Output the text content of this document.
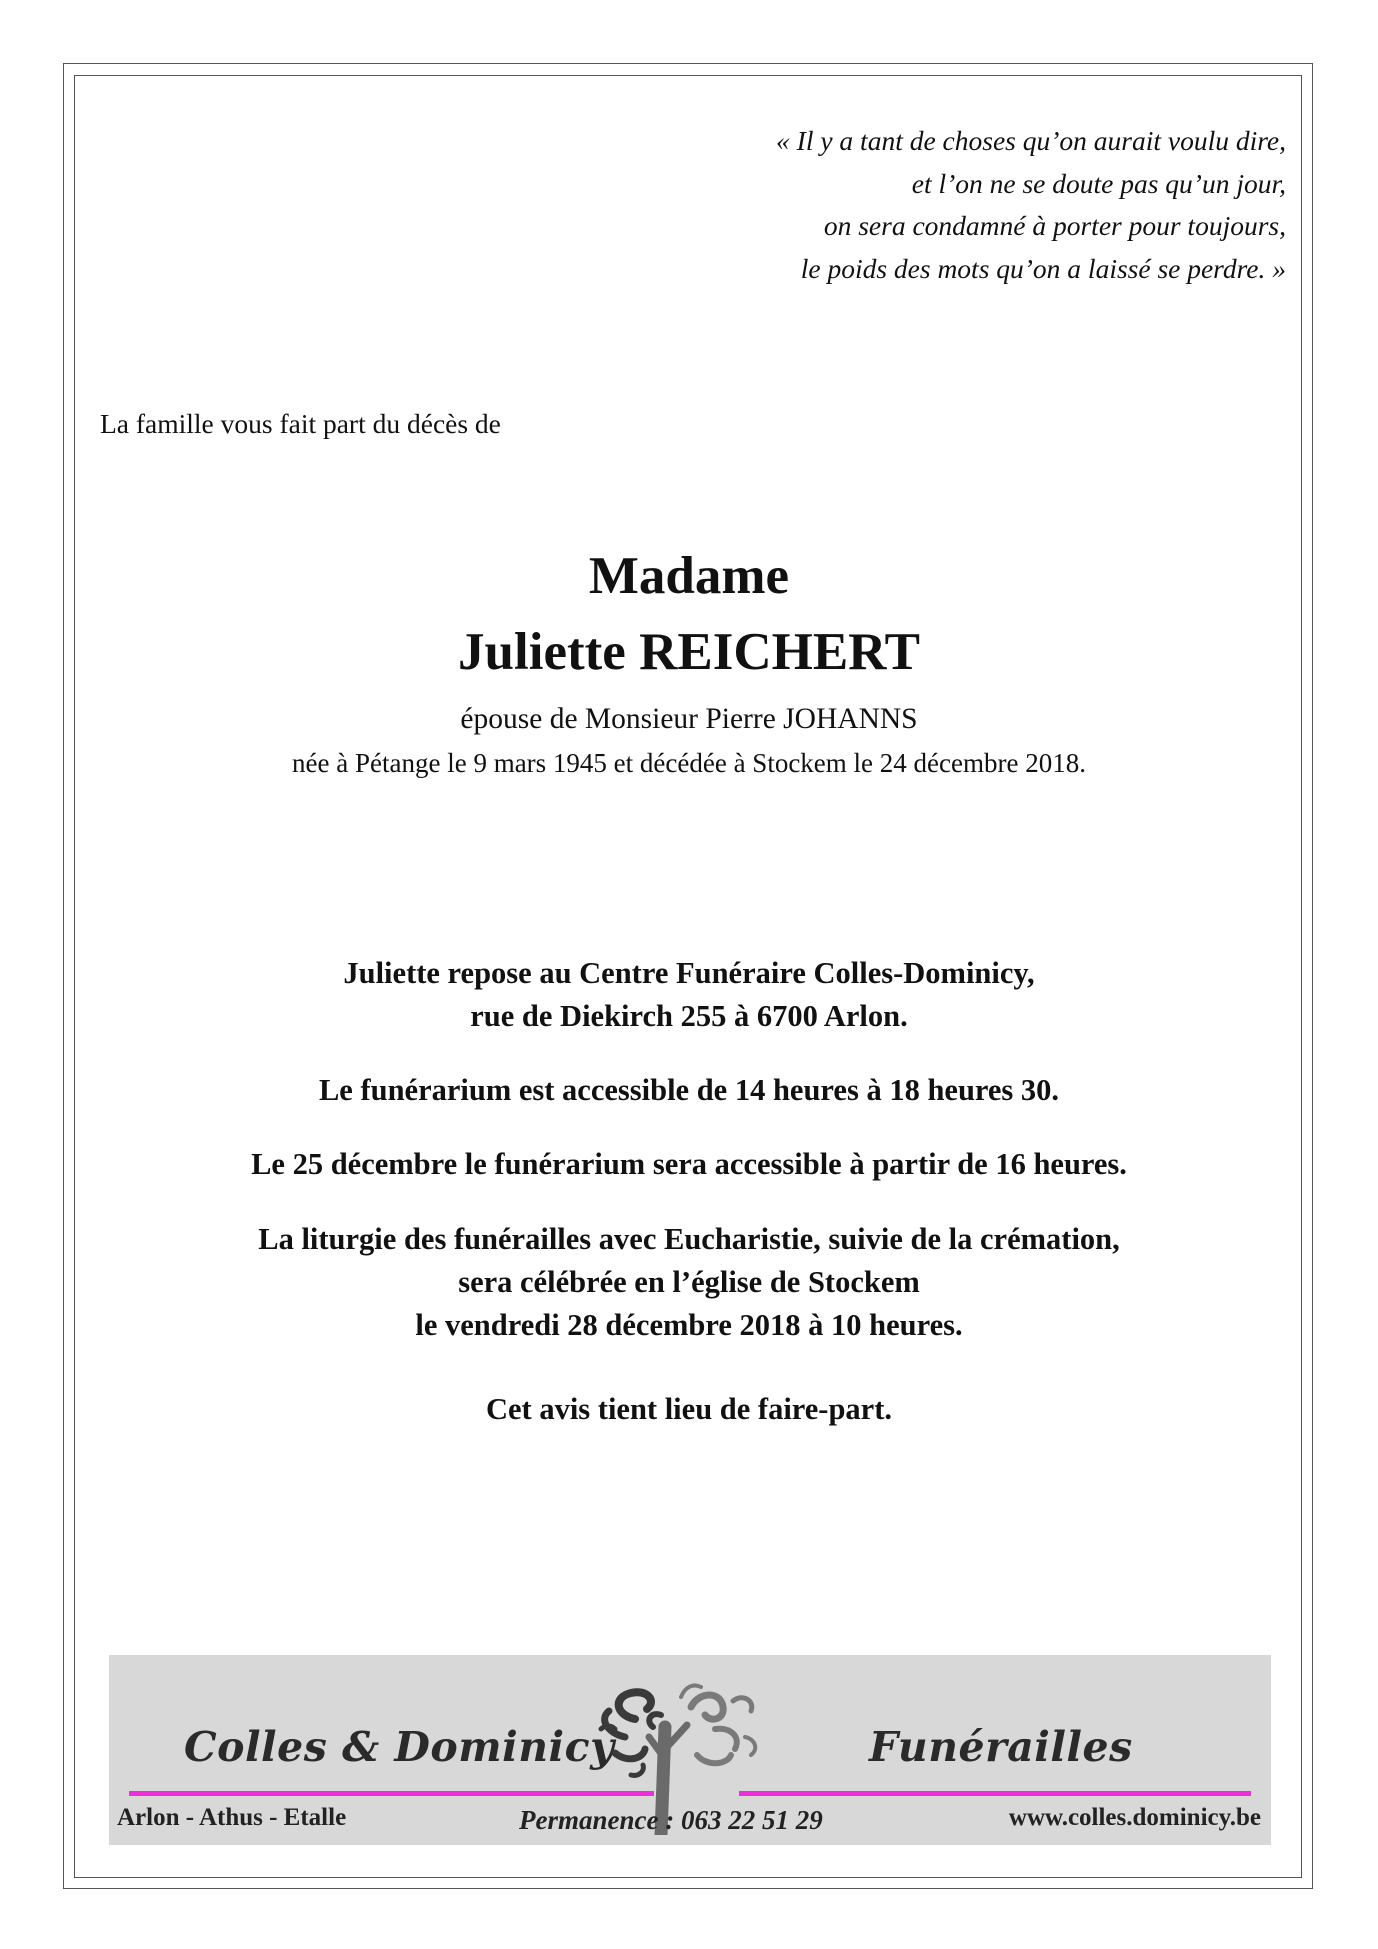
« Il y a tant de choses qu’on aurait voulu dire,
et l’on ne se doute pas qu’un jour,
on sera condamné à porter pour toujours,
le poids des mots qu’on a laissé se perdre. »
La famille vous fait part du décès de
Madame
Juliette REICHERT
épouse de Monsieur Pierre JOHANNS
née à Pétange le 9 mars 1945 et décédée à Stockem le 24 décembre 2018.
Juliette repose au Centre Funéraire Colles-Dominicy,
rue de Diekirch 255 à 6700 Arlon.
Le funérarium est accessible de 14 heures à 18 heures 30.
Le 25 décembre le funérarium sera accessible à partir de 16 heures.
La liturgie des funérailles avec Eucharistie, suivie de la crémation,
sera célébrée en l’église de Stockem
le vendredi 28 décembre 2018 à 10 heures.
Cet avis tient lieu de faire-part.
Colles & Dominicy	Funérailles
Arlon - Athus - Etalle	Permanence : 063 22 51 29	www.colles.dominicy.be
